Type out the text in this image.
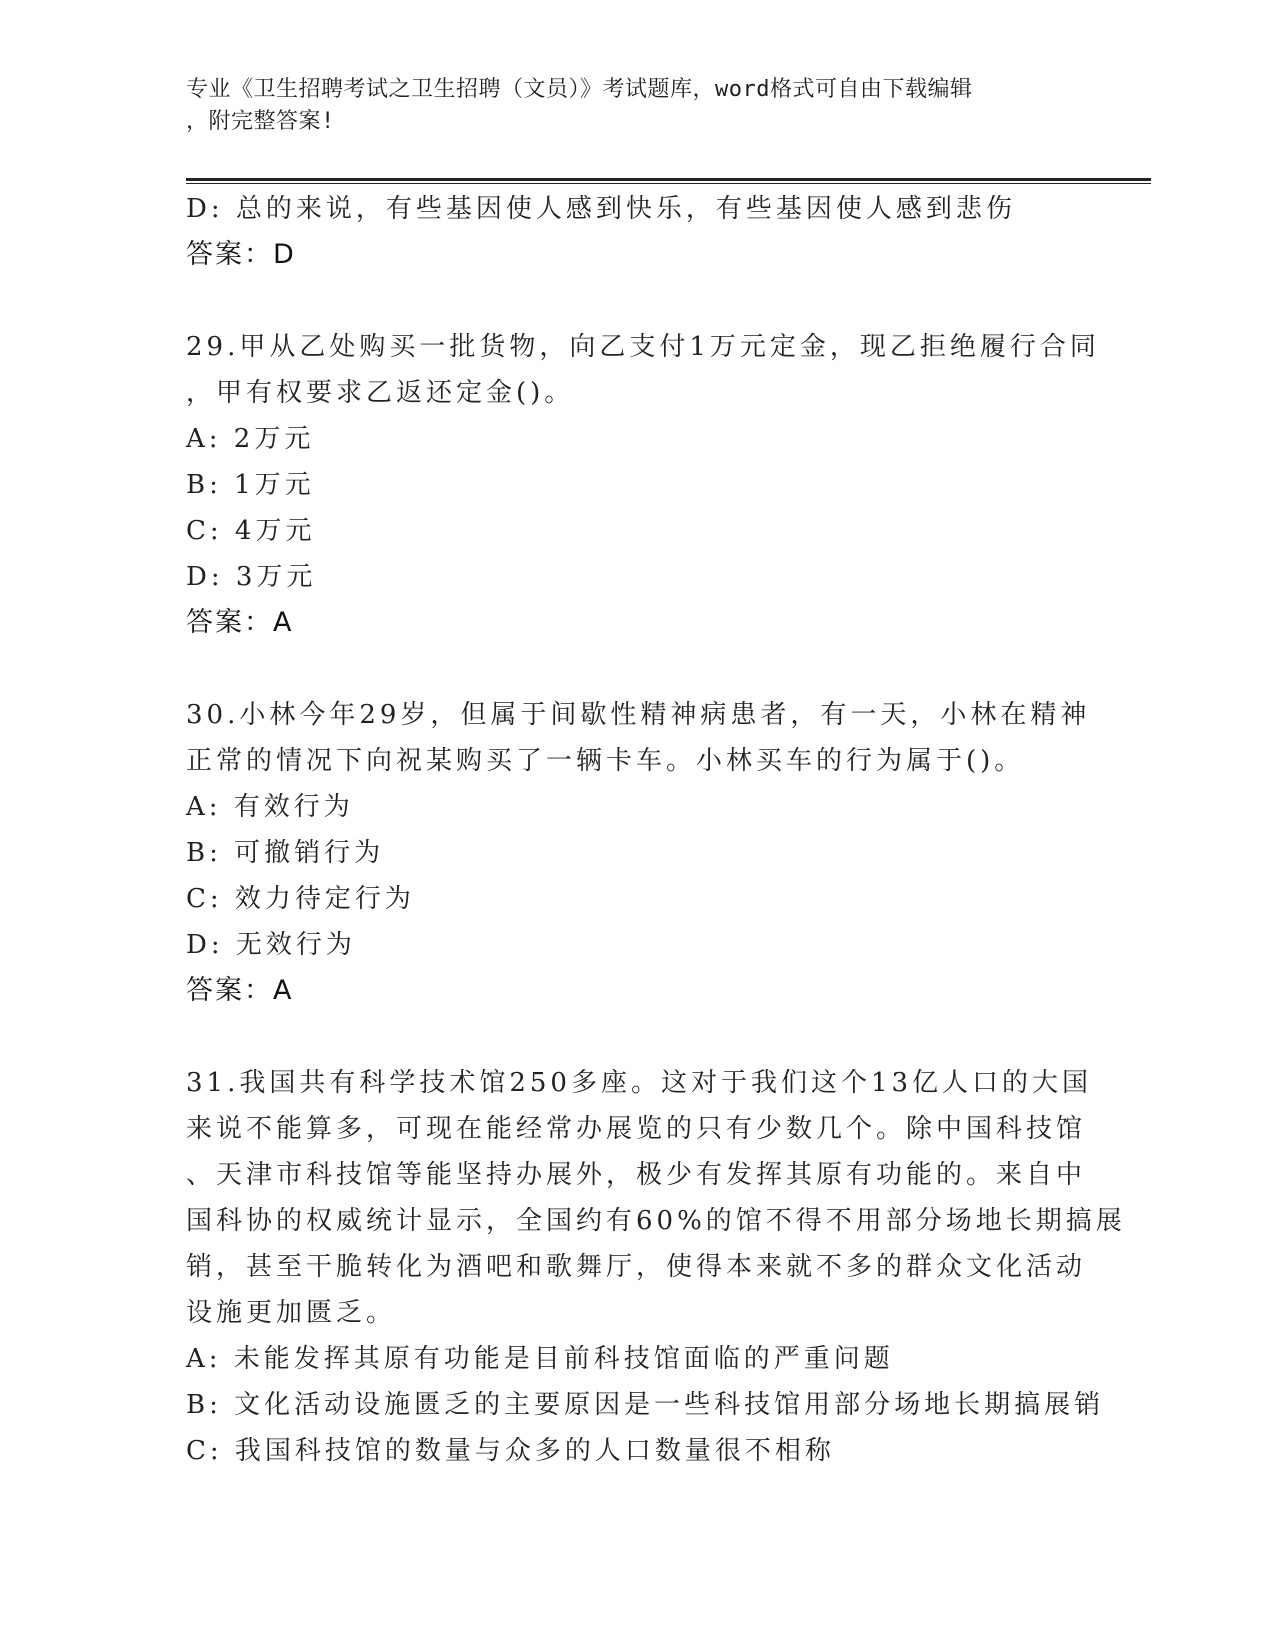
专业《卫生招聘考试之卫生招聘（文员）》考试题库，word格式可自由下载编辑
，附完整答案!
D: 总的来说，有些基因使人感到快乐，有些基因使人感到悲伤
答案：D
29.甲从乙处购买一批货物，向乙支付1万元定金，现乙拒绝履行合同
，甲有权要求乙返还定金()。
A: 2万元
B: 1万元
C: 4万元
D: 3万元
答案：A
30.小林今年29岁，但属于间歇性精神病患者，有一天，小林在精神
正常的情况下向祝某购买了一辆卡车。小林买车的行为属于()。
A: 有效行为
B: 可撤销行为
C: 效力待定行为
D: 无效行为
答案：A
31.我国共有科学技术馆250多座。这对于我们这个13亿人口的大国
来说不能算多，可现在能经常办展览的只有少数几个。除中国科技馆
、天津市科技馆等能坚持办展外，极少有发挥其原有功能的。来自中
国科协的权威统计显示，全国约有60%的馆不得不用部分场地长期搞展
销，甚至干脆转化为酒吧和歌舞厅，使得本来就不多的群众文化活动
设施更加匮乏。
A: 未能发挥其原有功能是目前科技馆面临的严重问题
B: 文化活动设施匮乏的主要原因是一些科技馆用部分场地长期搞展销
C: 我国科技馆的数量与众多的人口数量很不相称
